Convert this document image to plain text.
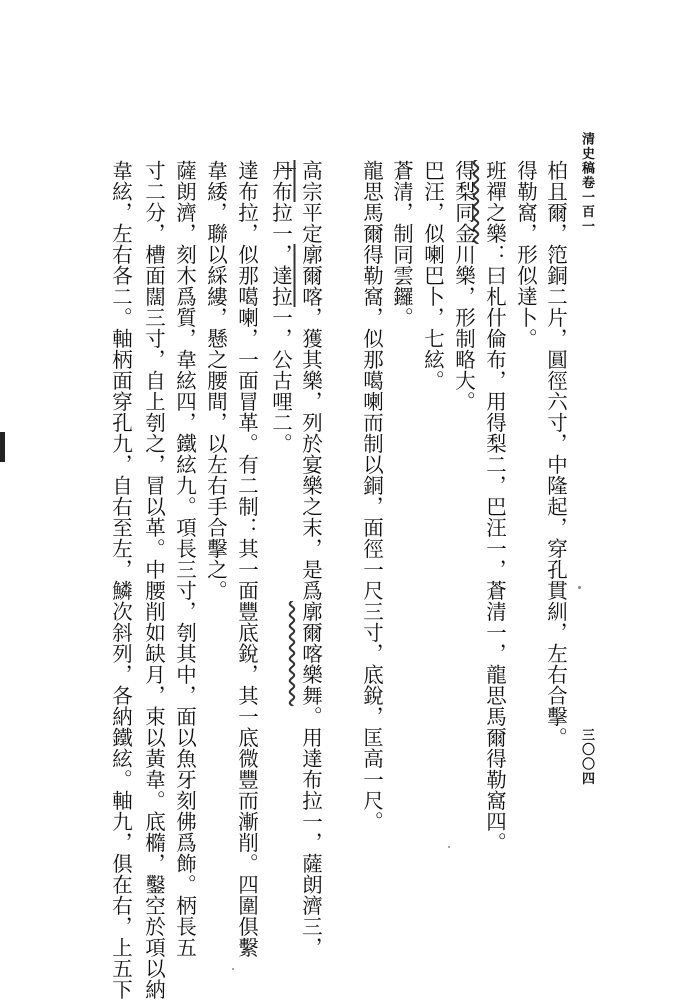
清史稿卷一百一
三〇〇四
柏且爾，笵銅二片，圓徑六寸，中隆起，穿孔貫紃，左右合擊。
得勒窩，形似達卜。
班禪之樂：曰札什倫布，用得梨二，巴汪一，蒼清一，龍思馬爾得勒窩四。
得梨同金川樂，形制略大。
巴汪，似喇巴卜，七絃。
蒼清，制同雲鑼。
龍思馬爾得勒窩，似那噶喇而制以銅，面徑一尺三寸，底銳，匡高一尺。
高宗平定廓爾喀，獲其樂，列於宴樂之末，是爲廓爾喀樂舞。用達布拉一，薩朗濟三，
丹布拉一，達拉一，公古哩二。
達布拉，似那噶喇，一面冒革。有二制：其一面豐底銳，其一底微豐而漸削。四圍俱繫
韋緌，聯以綵縷，懸之腰間，以左右手合擊之。
薩朗濟，刻木爲質，韋絃四，鐵絃九。項長三寸，刳其中，面以魚牙刻佛爲飾。柄長五
寸二分，槽面闊三寸，自上刳之，冒以革。中腰削如缺月，束以黃韋。底橢，鑿空於項以納
韋絃，左右各二。軸柄面穿孔九，自右至左，鱗次斜列，各納鐵絃。軸九，俱在右，上五下
